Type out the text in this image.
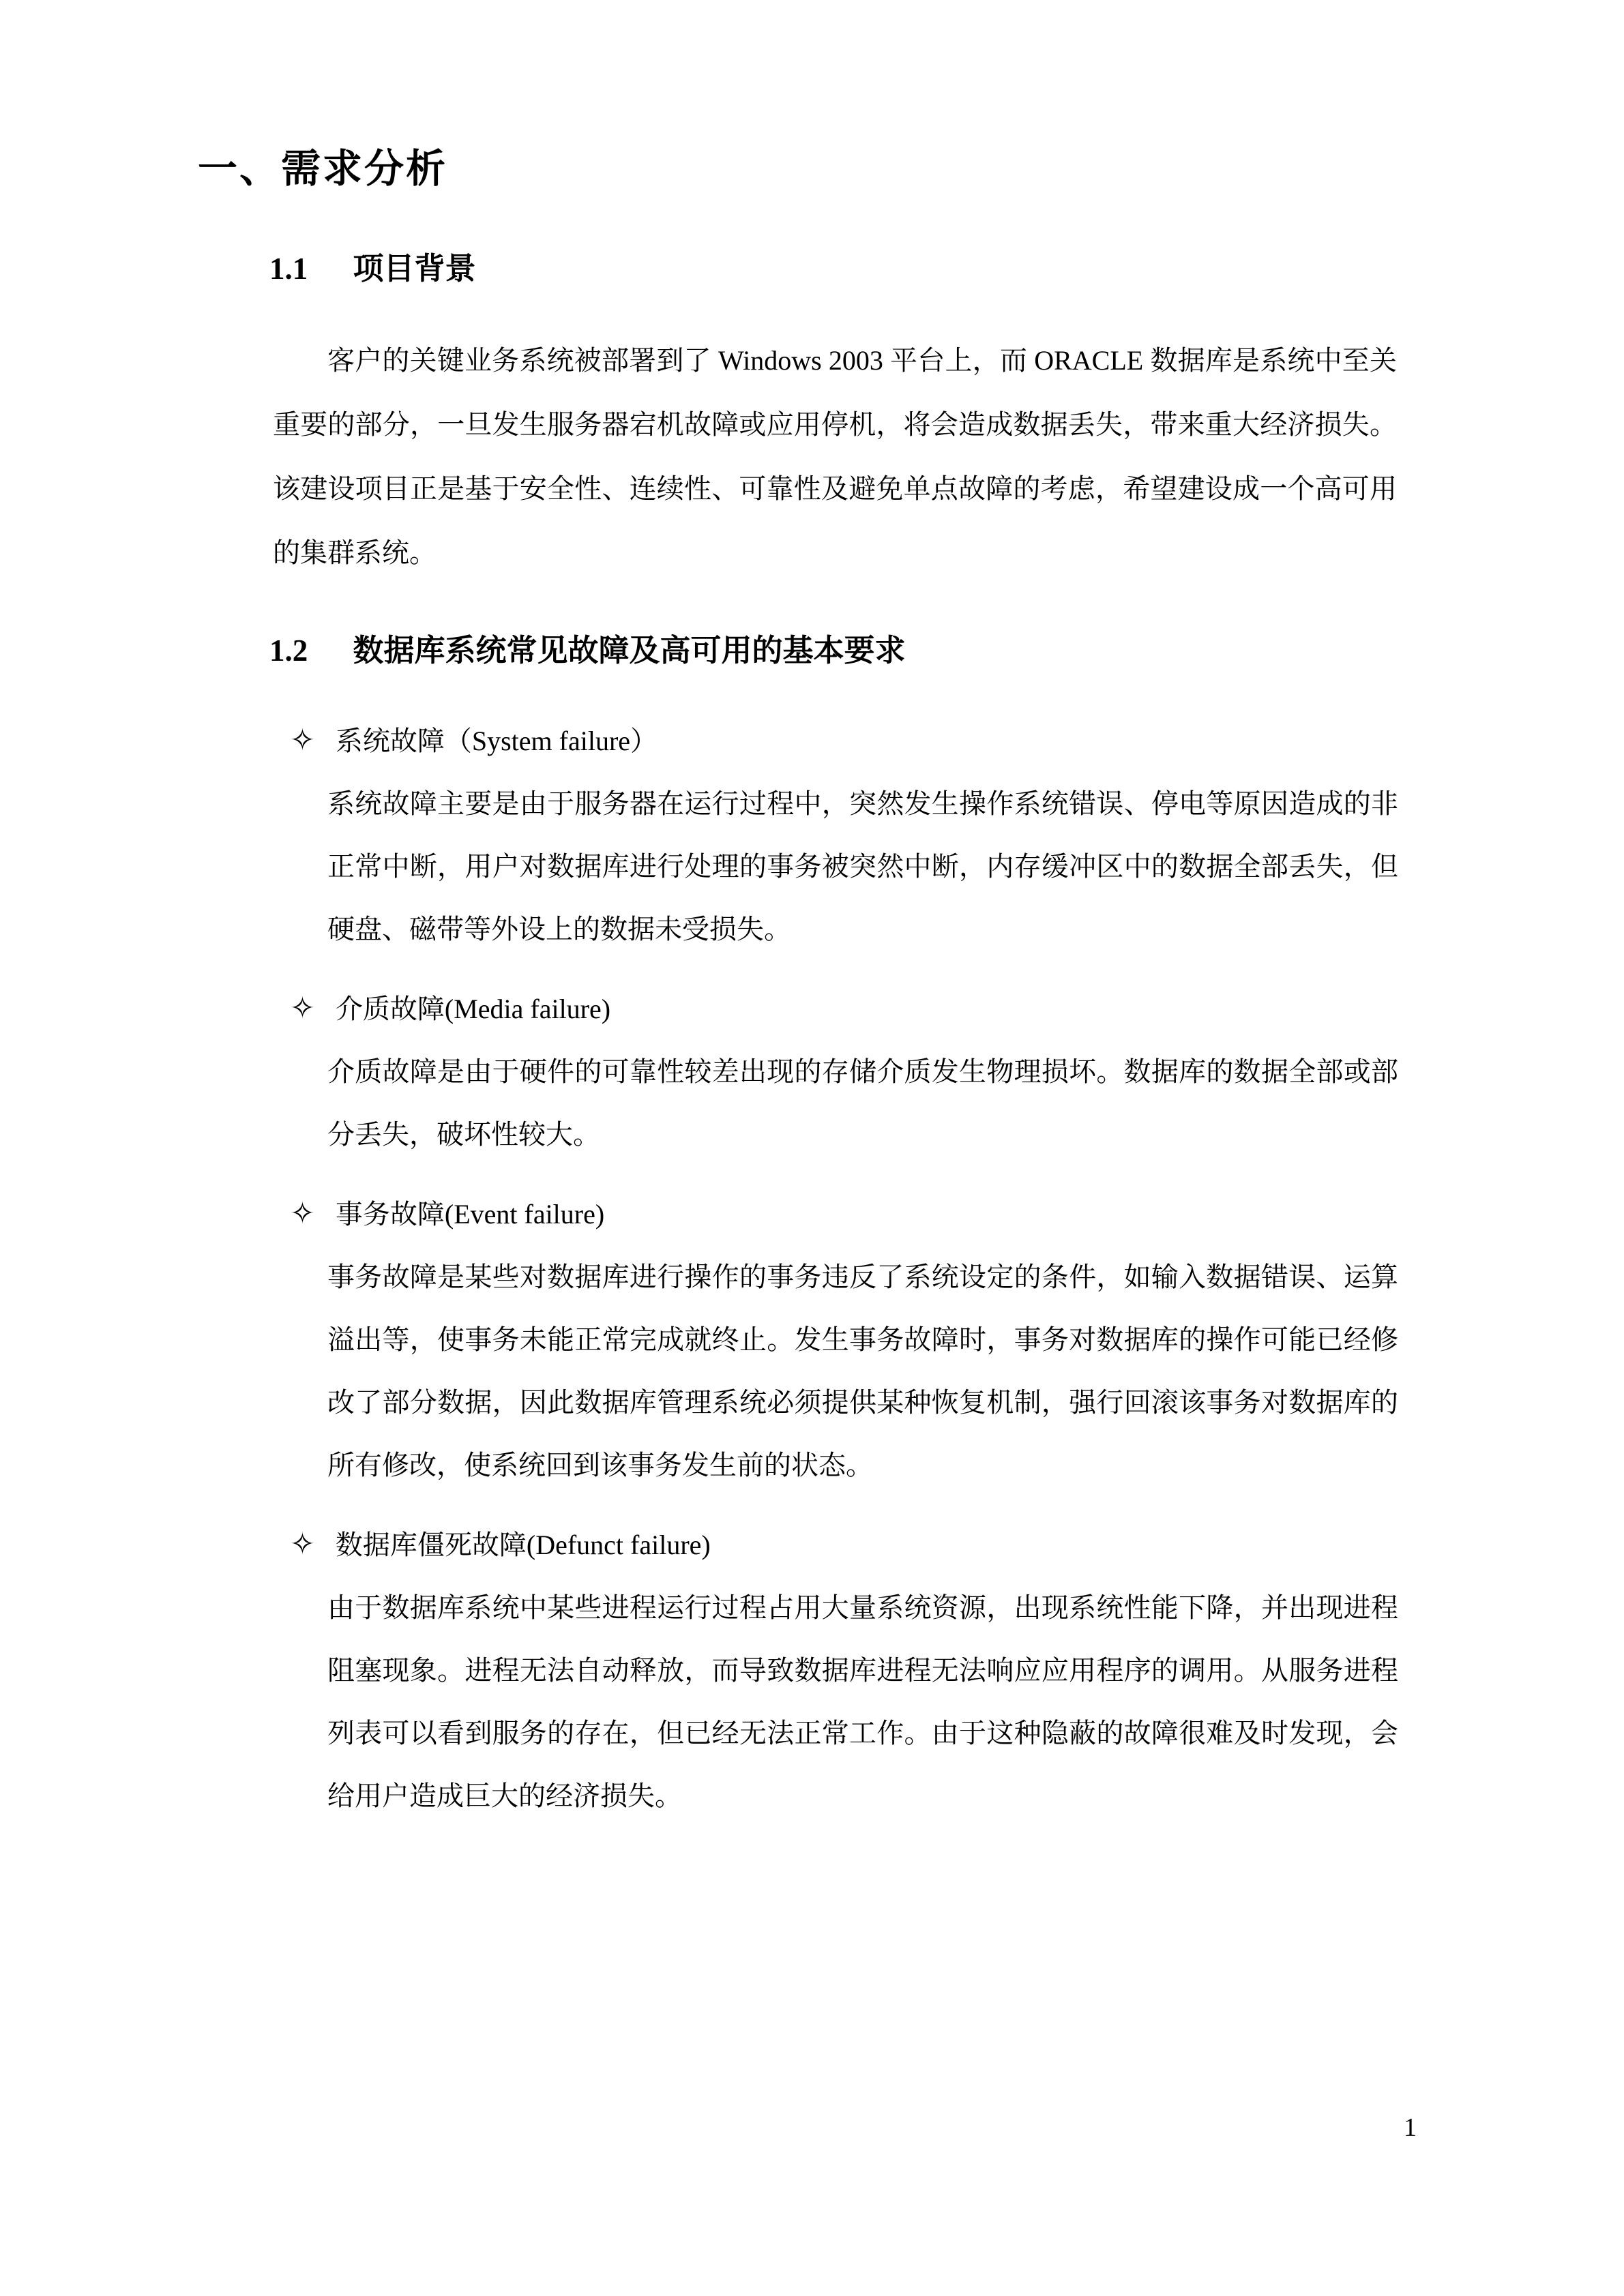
一、需求分析
1.1 项目背景

客户的关键业务系统被部署到了 Windows 2003 平台上，而 ORACLE 数据库是系统中至关重要的部分，一旦发生服务器宕机故障或应用停机，将会造成数据丢失，带来重大经济损失。该建设项目正是基于安全性、连续性、可靠性及避免单点故障的考虑，希望建设成一个高可用的集群系统。

1.2 数据库系统常见故障及高可用的基本要求
✧ 系统故障（System failure）

系统故障主要是由于服务器在运行过程中，突然发生操作系统错误、停电等原因造成的非正常中断，用户对数据库进行处理的事务被突然中断，内存缓冲区中的数据全部丢失，但硬盘、磁带等外设上的数据未受损失。

✧ 介质故障(Media failure)

介质故障是由于硬件的可靠性较差出现的存储介质发生物理损坏。数据库的数据全部或部分丢失，破坏性较大。

✧ 事务故障(Event failure)

事务故障是某些对数据库进行操作的事务违反了系统设定的条件，如输入数据错误、运算溢出等，使事务未能正常完成就终止。发生事务故障时，事务对数据库的操作可能已经修改了部分数据，因此数据库管理系统必须提供某种恢复机制，强行回滚该事务对数据库的所有修改，使系统回到该事务发生前的状态。

✧ 数据库僵死故障(Defunct failure)

由于数据库系统中某些进程运行过程占用大量系统资源，出现系统性能下降，并出现进程阻塞现象。进程无法自动释放，而导致数据库进程无法响应应用程序的调用。从服务进程列表可以看到服务的存在，但已经无法正常工作。由于这种隐蔽的故障很难及时发现，会给用户造成巨大的经济损失。

1
